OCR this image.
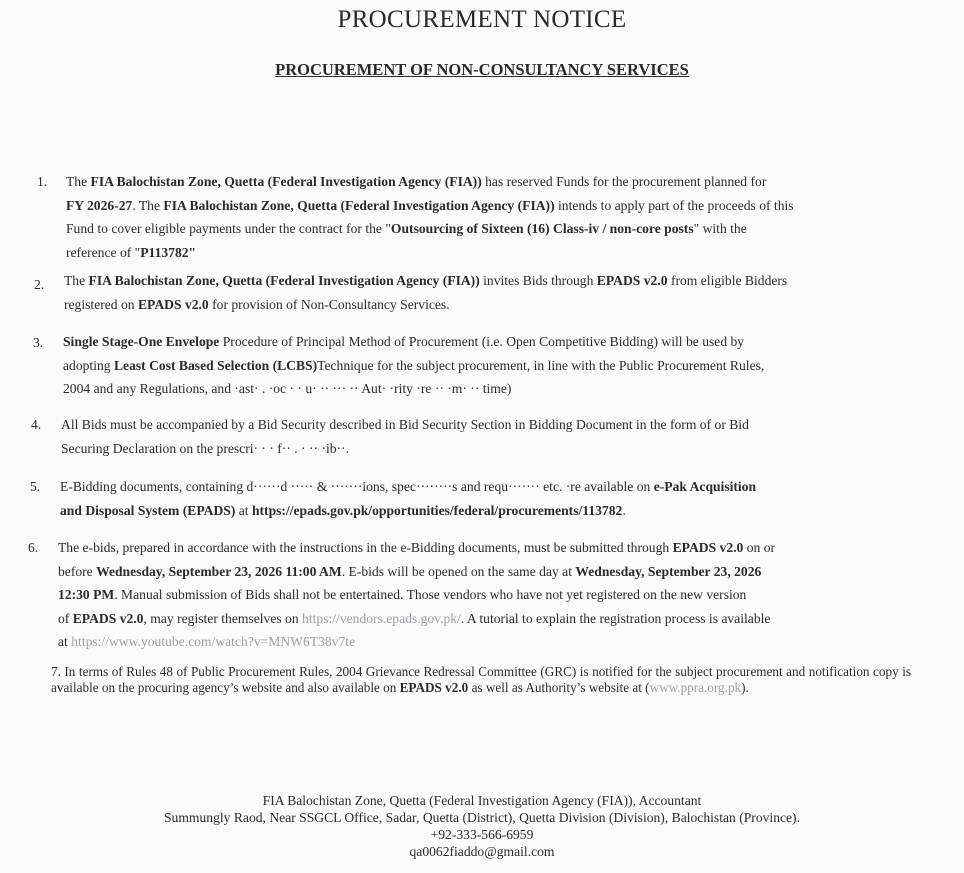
PROCUREMENT NOTICE
PROCUREMENT OF NON-CONSULTANCY SERVICES
1. The FIA Balochistan Zone, Quetta (Federal Investigation Agency (FIA)) has reserved Funds for the procurement planned for
FY 2026-27. The FIA Balochistan Zone, Quetta (Federal Investigation Agency (FIA)) intends to apply part of the proceeds of this
Fund to cover eligible payments under the contract for the "Outsourcing of Sixteen (16) Class-iv / non-core posts" with the
reference of "P113782"
2. The FIA Balochistan Zone, Quetta (Federal Investigation Agency (FIA)) invites Bids through EPADS v2.0 from eligible Bidders
registered on EPADS v2.0 for provision of Non-Consultancy Services.
3. Single Stage-One Envelope Procedure of Principal Method of Procurement (i.e. Open Competitive Bidding) will be used by
adopting Least Cost Based Selection (LCBS)Technique for the subject procurement, in line with the Public Procurement Rules,
2004 and any Regulations, and ·ast· . ·oc · · u· ·· ··· ·· Aut· ·rity ·re ·· ·m· ·· time)
4. All Bids must be accompanied by a Bid Security described in Bid Security Section in Bidding Document in the form of or Bid
Securing Declaration on the prescri· · · f·· . · ·· ·ib··.
5. E-Bidding documents, containing d······d ····· & ·······ions, spec········s and requ······· etc. ·re available on e-Pak Acquisition
and Disposal System (EPADS) at https://epads.gov.pk/opportunities/federal/procurements/113782.
6. The e-bids, prepared in accordance with the instructions in the e-Bidding documents, must be submitted through EPADS v2.0 on or
before Wednesday, September 23, 2026 11:00 AM. E-bids will be opened on the same day at Wednesday, September 23, 2026
12:30 PM. Manual submission of Bids shall not be entertained. Those vendors who have not yet registered on the new version
of EPADS v2.0, may register themselves on https://vendors.epads.gov.pk/. A tutorial to explain the registration process is available
at https://www.youtube.com/watch?v=MNW6T38v7te
7. In terms of Rules 48 of Public Procurement Rules, 2004 Grievance Redressal Committee (GRC) is notified for the subject procurement and notification copy is available on the procuring agency’s website and also available on EPADS v2.0 as well as Authority’s website at (www.ppra.org.pk).
FIA Balochistan Zone, Quetta (Federal Investigation Agency (FIA)), Accountant
Summungly Raod, Near SSGCL Office, Sadar, Quetta (District), Quetta Division (Division), Balochistan (Province).
+92-333-566-6959
qa0062fiaddo@gmail.com
